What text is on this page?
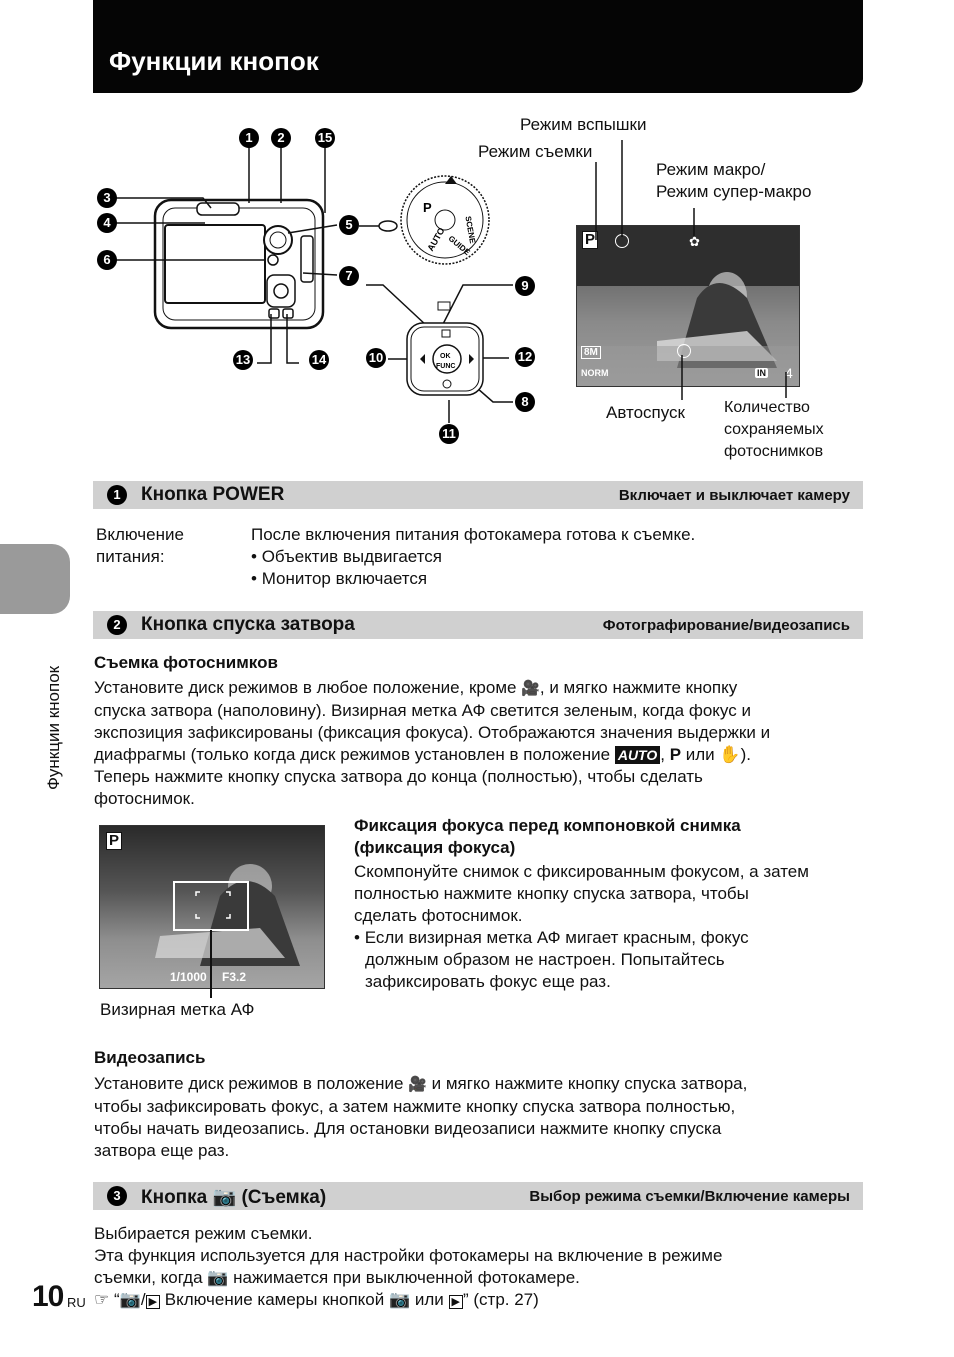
Функции кнопок
Функции кнопок
P
AUTO SCENE
GUIDE
OK
FUNC
1	2	15
3
4	5
6
7
9
10	12
8
11
13	14
Режим вспышки
Режим съемки
Режим макро/
Режим супер-макро
P	✿
8M
NORM	IN 4
Автоспуск Количество
сохраняемых
фотоснимков
1	Кнопка POWER	Включает и выключает камеру
Включение
питания:
После включения питания фотокамера готова к съемке.
• Объектив выдвигается
• Монитор включается
2	Кнопка спуска затвора	Фотографирование/видеозапись
Съемка фотоснимков
Установите диск режимов в любое положение, кроме 🎥, и мягко нажмите кнопку
спуска затвора (наполовину). Визирная метка АФ светится зеленым, когда фокус и
экспозиция зафиксированы (фиксация фокуса). Отображаются значения выдержки и
диафрагмы (только когда диск режимов установлен в положение AUTO , P или ✋).
Теперь нажмите кнопку спуска затвора до конца (полностью), чтобы сделать
фотоснимок.
P
1/1000 F3.2
Визирная метка АФ
Фиксация фокуса перед компоновкой снимка
(фиксация фокуса)
Скомпонуйте снимок с фиксированным фокусом, а затем
полностью нажмите кнопку спуска затвора, чтобы
сделать фотоснимок.
• Если визирная метка АФ мигает красным, фокус
должным образом не настроен. Попытайтесь
зафиксировать фокус еще раз.
Видеозапись
Установите диск режимов в положение 🎥 и мягко нажмите кнопку спуска затвора,
чтобы зафиксировать фокус, а затем нажмите кнопку спуска затвора полностью,
чтобы начать видеозапись. Для остановки видеозаписи нажмите кнопку спуска
затвора еще раз.
3	Кнопка 📷 (Съемка)	Выбор режима съемки/Включение камеры
Выбирается режим съемки.
Эта функция используется для настройки фотокамеры на включение в режиме
съемки, когда 📷 нажимается при выключенной фотокамере.
☞ “📷/ ▶ Включение камеры кнопкой 📷 или ▶ ” (стр. 27)
10 RU
